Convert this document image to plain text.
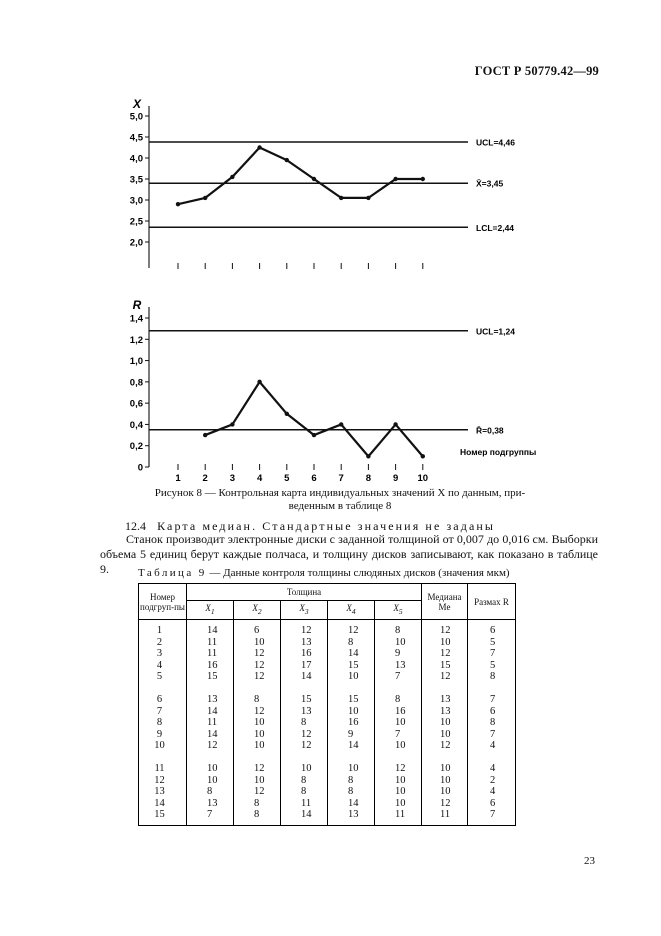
ГОСТ Р 50779.42—99
X
5,0
4,5
4,0
3,5
3,0
2,5
2,0
UCL=4,46
X̄=3,45
LCL=2,44
R
1,4
1,2
1,0
0,8
0,6
0,4
0,2
0
1 2 3 4 5 6 7 8 9 10
Номер подгруппы
UCL=1,24
R̄=0,38
Рисунок 8 — Контрольная карта индивидуальных значений X по данным, при-
веденным в таблице 8
12.4 Карта медиан. Стандартные значения не заданы
Станок производит электронные диски с заданной толщиной от 0,007 до 0,016 см. Выборки объема 5 единиц берут каждые полчаса, и толщину дисков записывают, как показано в таблице 9.	Таблица 9 — Данные контроля толщины слюдяных дисков (значения мкм)
Номер подгруп-пы	Толщина					Медиана Me	Размах R
	$X_1$	$X_2$	$X_3$	$X_4$	$X_5$
1	14	6	12	12	8	12	6
2	11	10	13	8	10	10	5
3	11	12	16	14	9	12	7
4	16	12	17	15	13	15	5
5	15	12	14	10	7	12	8

6	13	8	15	15	8	13	7
7	14	12	13	10	16	13	6
8	11	10	8	16	10	10	8
9	14	10	12	9	7	10	7
10	12	10	12	14	10	12	4

11	10	12	10	10	12	10	4
12	10	10	8	8	10	10	2
13	8	12	8	8	10	10	4
14	13	8	11	14	10	12	6
15	7	8	14	13	11	11	7
23
